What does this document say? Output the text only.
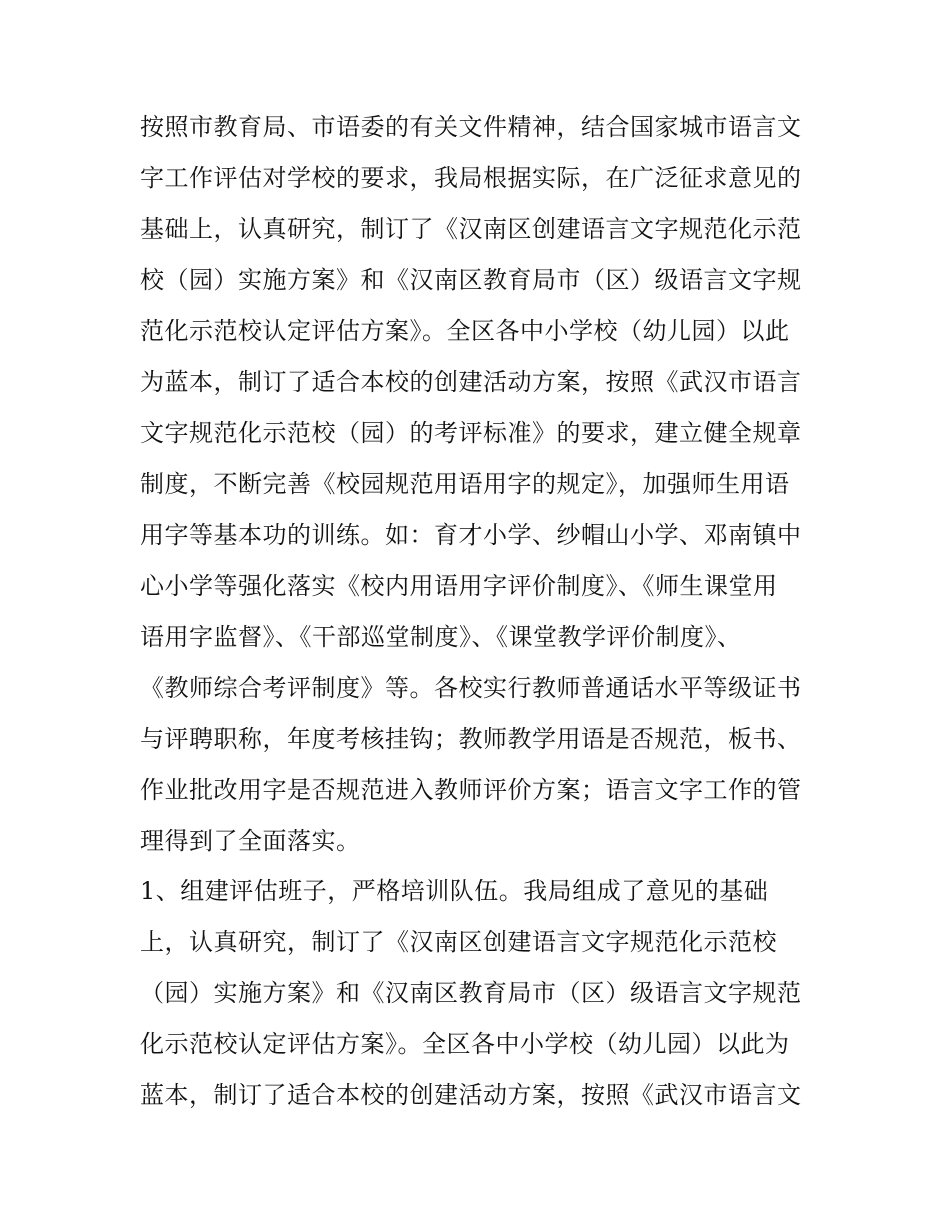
按照市教育局、市语委的有关文件精神，结合国家城市语言文
字工作评估对学校的要求，我局根据实际，在广泛征求意见的
基础上，认真研究，制订了《汉南区创建语言文字规范化示范
校（园）实施方案》和《汉南区教育局市（区）级语言文字规
范化示范校认定评估方案》。全区各中小学校（幼儿园）以此
为蓝本，制订了适合本校的创建活动方案，按照《武汉市语言
文字规范化示范校（园）的考评标准》的要求，建立健全规章
制度，不断完善《校园规范用语用字的规定》，加强师生用语
用字等基本功的训练。如：育才小学、纱帽山小学、邓南镇中
心小学等强化落实《校内用语用字评价制度》、《师生课堂用
语用字监督》、《干部巡堂制度》、《课堂教学评价制度》、
《教师综合考评制度》等。各校实行教师普通话水平等级证书
与评聘职称，年度考核挂钩；教师教学用语是否规范，板书、
作业批改用字是否规范进入教师评价方案；语言文字工作的管
理得到了全面落实。
1、组建评估班子，严格培训队伍。我局组成了意见的基础
上，认真研究，制订了《汉南区创建语言文字规范化示范校
（园）实施方案》和《汉南区教育局市（区）级语言文字规范
化示范校认定评估方案》。全区各中小学校（幼儿园）以此为
蓝本，制订了适合本校的创建活动方案，按照《武汉市语言文
